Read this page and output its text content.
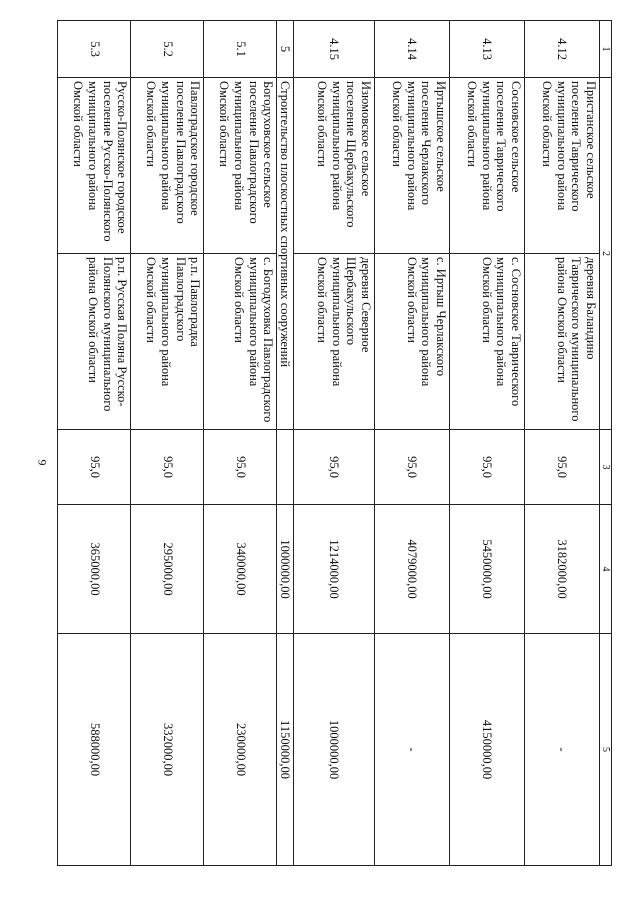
9
1	2		3	4	5
4.12	Пристанское сельское поселение Таврического муниципального района Омской области	деревня Баландино Таврического муниципального района Омской области	95,0	3182000,00	-
4.13	Сосновское сельское поселение Таврического муниципального района Омской области	с. Сосновское Таврического муниципального района Омской области	95,0	5450000,00	4150000,00
4.14	Иртышское сельское поселение Черлакского муниципального района Омской области	с. Иртыш Черлакского муниципального района Омской области	95,0	4079000,00	-
4.15	Изюмовское сельское поселение Щербакульского муниципального района Омской области	деревня Северное Щербакульского муниципального района Омской области	95,0	1214000,00	1000000,00
5	Строительство плоскостных спортивных сооружений			1000000,00	1150000,00
5.1	Богодуховское сельское поселение Павлоградского муниципального района Омской области	с. Богодуховка Павлоградского муниципального района Омской области	95,0	340000,00	230000,00
5.2	Павлоградское городское поселение Павлоградского муниципального района Омской области	р.п. Павлоградка Павлоградского муниципального района Омской области	95,0	295000,00	332000,00
5.3	Русско-Полянское городское поселение Русско-Полянского муниципального района Омской области	р.п. Русская Поляна Русско-Полянского муниципального района Омской области	95,0	365000,00	588000,00
